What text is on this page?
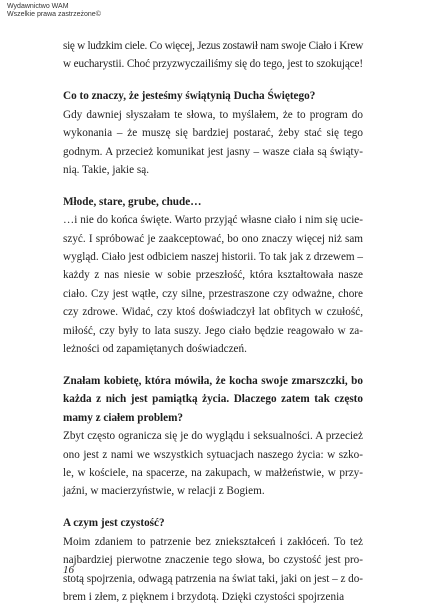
Wydawnictwo WAM
Wszelkie prawa zastrzeżone©

się w ludzkim ciele. Co więcej, Jezus zostawił nam swoje Ciało i Krew
w eucharystii. Choć przyzwyczailiśmy się do tego, jest to szokujące!

Co to znaczy, że jesteśmy świątynią Ducha Świętego?

Gdy dawniej słyszałam te słowa, to myślałem, że to program do
wykonania – że muszę się bardziej postarać, żeby stać się tego
godnym. A przecież komunikat jest jasny – wasze ciała są świąty-
nią. Takie, jakie są.

Młode, stare, grube, chude…

…i nie do końca święte. Warto przyjąć własne ciało i nim się ucie-
szyć. I spróbować je zaakceptować, bo ono znaczy więcej niż sam
wygląd. Ciało jest odbiciem naszej historii. To tak jak z drzewem –
każdy z nas niesie w sobie przeszłość, która kształtowała nasze
ciało. Czy jest wątłe, czy silne, przestraszone czy odważne, chore
czy zdrowe. Widać, czy ktoś doświadczył lat obfitych w czułość,
miłość, czy były to lata suszy. Jego ciało będzie reagowało w za-
leżności od zapamiętanych doświadczeń.

Znałam kobietę, która mówiła, że kocha swoje zmarszczki, bo
każda z nich jest pamiątką życia. Dlaczego zatem tak często
mamy z ciałem problem?

Zbyt często ogranicza się je do wyglądu i seksualności. A przecież
ono jest z nami we wszystkich sytuacjach naszego życia: w szko-
le, w kościele, na spacerze, na zakupach, w małżeństwie, w przy-
jaźni, w macierzyństwie, w relacji z Bogiem.

A czym jest czystość?

Moim zdaniem to patrzenie bez zniekształceń i zakłóceń. To też
najbardziej pierwotne znaczenie tego słowa, bo czystość jest pro-
stotą spojrzenia, odwagą patrzenia na świat taki, jaki on jest – z do-
brem i złem, z pięknem i brzydotą. Dzięki czystości spojrzenia

16
